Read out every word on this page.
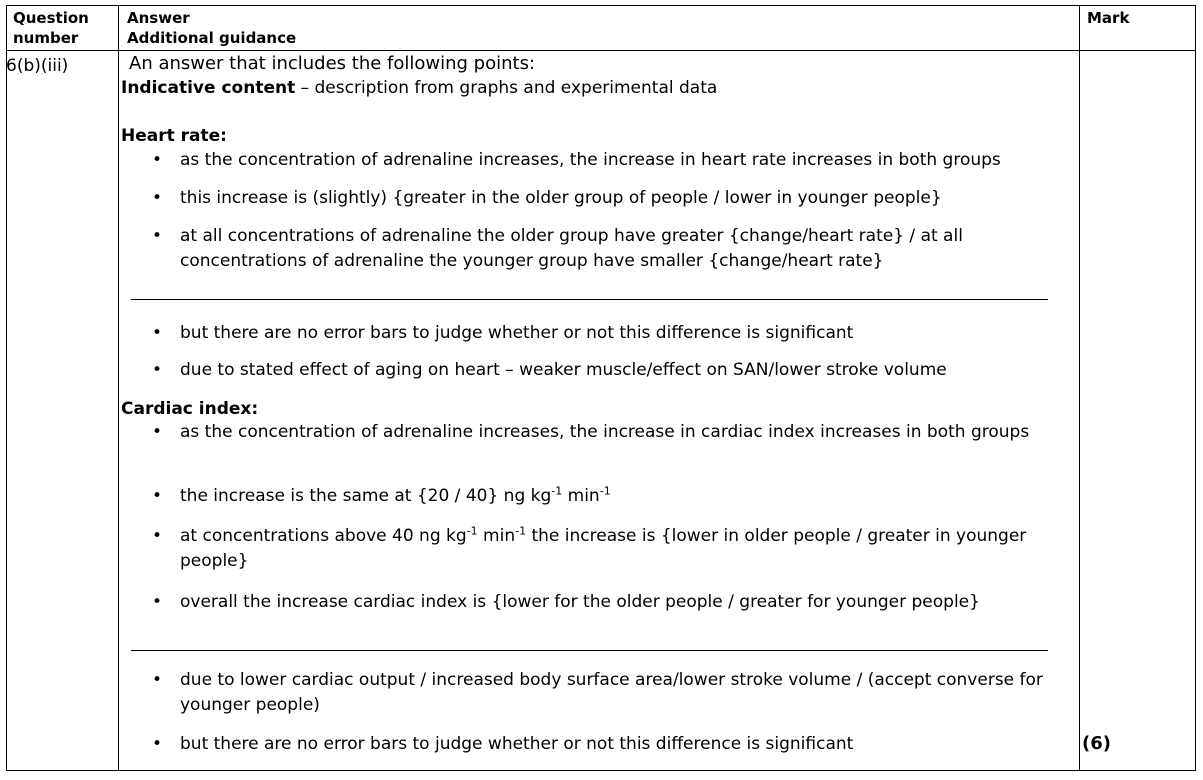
Question
number
Answer
Additional guidance
Mark
6(b)(iii)	An answer that includes the following points:
Indicative content – description from graphs and experimental data
Heart rate:
• as the concentration of adrenaline increases, the increase in heart rate increases in both groups
• this increase is (slightly) {greater in the older group of people / lower in younger people}
• at all concentrations of adrenaline the older group have greater {change/heart rate} / at all concentrations of adrenaline the younger group have smaller {change/heart rate}
• but there are no error bars to judge whether or not this difference is significant
• due to stated effect of aging on heart – weaker muscle/effect on SAN/lower stroke volume
Cardiac index:
• as the concentration of adrenaline increases, the increase in cardiac index increases in both groups
• the increase is the same at {20 / 40} ng $kg^{-1}$ $\min^{-1}$
• at concentrations above 40 ng $kg^{-1}$ $\min^{-1}$ the increase is {lower in older people / greater in younger people}
• overall the increase cardiac index is {lower for the older people / greater for younger people}
• due to lower cardiac output / increased body surface area/lower stroke volume / (accept converse for younger people)
• but there are no error bars to judge whether or not this difference is significant	(6)
